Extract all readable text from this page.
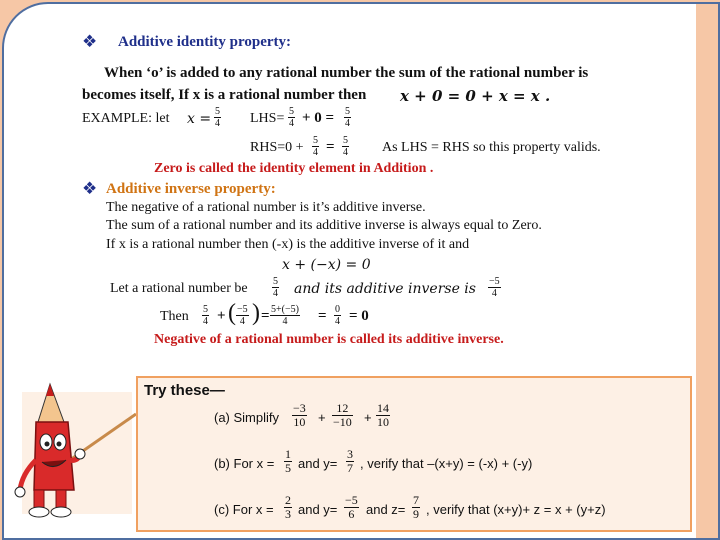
❖ Additive identity property:
When ‘o’ is added to any rational number the sum of the rational number is
becomes itself, If x is a rational number then x + 0 = 0 + x = x .
EXAMPLE: let x = 5
4 LHS= 5
4 + 0 = 5
4
RHS=0 + 5
4 = 5
4 As LHS = RHS so this property valids.
Zero is called the identity element in Addition .
❖ Additive inverse property:
The negative of a rational number is it’s additive inverse.
The sum of a rational number and its additive inverse is always equal to Zero.
If x is a rational number then (-x) is the additive inverse of it and
x + (−x) = 0
Let a rational number be	5
4 and its additive inverse is −5
4
Then 5
4 + ( −5
4 ) = 5+(−5)
4 = 0
4 = 0
Negative of a rational number is called its additive inverse.
Try these—
(a) Simplify
−3
10 +
12
−10 +
14
10
(b) For x =
1
5 and y=
3
7 , verify that –(x+y) = (-x) + (-y)
(c) For x =
2
3 and y=
−5
6 and z=
7
9 , verify that (x+y)+ z = x + (y+z)
